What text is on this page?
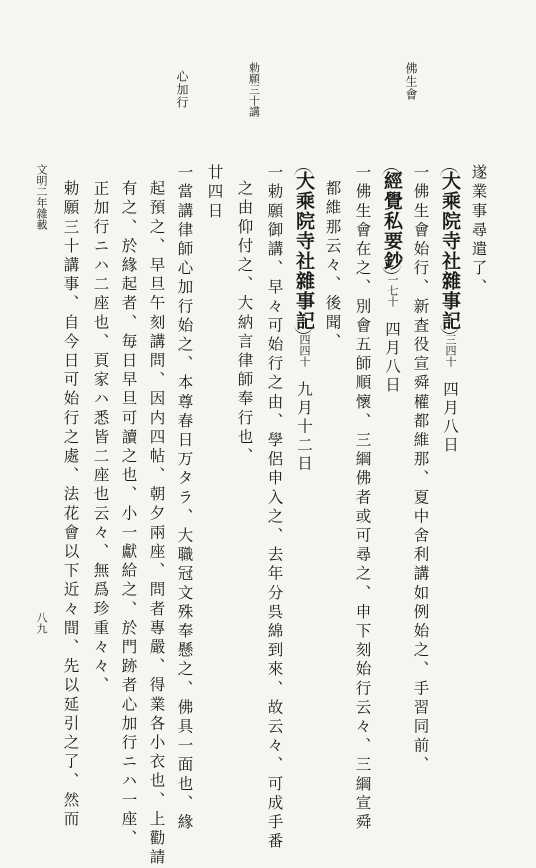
佛生會
勅願三十講
心加行
遂業事尋遣了、
大乘院寺社雜事記三四十四月八日
一佛生會始行、新査役宣舜權都維那、夏中舍利講如例始之、手習同前、
經覺私要鈔一七十四月八日
一佛生會在之、別會五師順懷、三綱佛者或可尋之、申下刻始行云々、三綱宣舜
都維那云々、後聞、
大乘院寺社雜事記四四十九月十二日
一勅願御講、早々可始行之由、學侶申入之、去年分呉綿到來、故云々、可成手番
之由仰付之、大納言律師奉行也、
廿四日
一當講律師心加行始之、本尊春日万タラ、大職冠文殊奉懸之、佛具一面也、緣
起預之、早旦午刻講問、因内四帖、朝夕兩座、問者專嚴、得業各小衣也、上勸請
有之、於緣起者、毎日早旦可讀之也、小一獻給之、於門跡者心加行ニハ一座、
正加行ニハ二座也、頁家ハ悉皆二座也云々、無爲珍重々々、
勅願三十講事、自今日可始行之處、法花會以下近々間、先以延引之了、然而
文明二年雜載
八九
